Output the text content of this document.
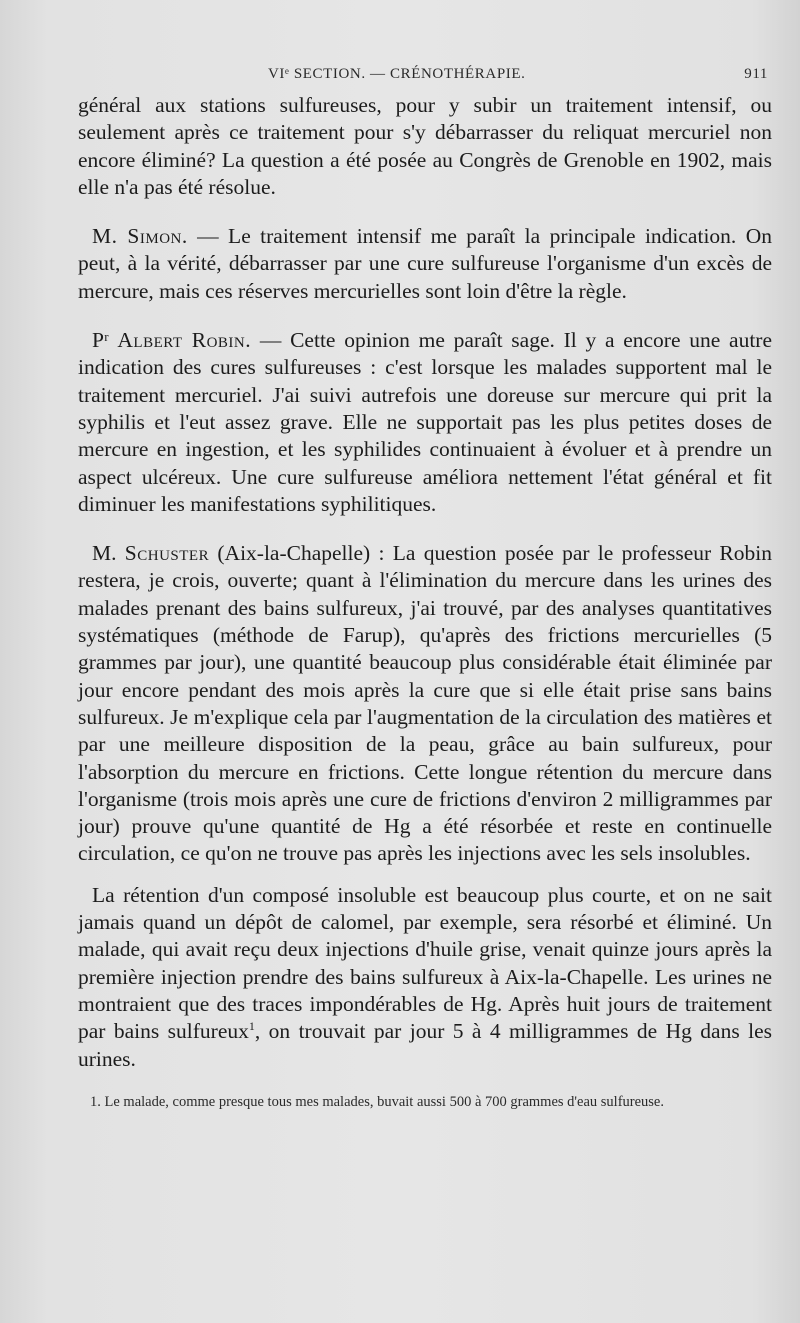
VIᵉ SECTION. — CRÉNOTHÉRAPIE.	911

général aux stations sulfureuses, pour y subir un traitement intensif, ou seulement après ce traitement pour s'y débarrasser du reliquat mercuriel non encore éliminé? La question a été posée au Congrès de Grenoble en 1902, mais elle n'a pas été résolue.

M. Simon. — Le traitement intensif me paraît la principale indication. On peut, à la vérité, débarrasser par une cure sulfureuse l'organisme d'un excès de mercure, mais ces réserves mercurielles sont loin d'être la règle.

Pʳ Albert Robin. — Cette opinion me paraît sage. Il y a encore une autre indication des cures sulfureuses : c'est lorsque les malades supportent mal le traitement mercuriel. J'ai suivi autrefois une doreuse sur mercure qui prit la syphilis et l'eut assez grave. Elle ne supportait pas les plus petites doses de mercure en ingestion, et les syphilides continuaient à évoluer et à prendre un aspect ulcéreux. Une cure sulfureuse améliora nettement l'état général et fit diminuer les manifestations syphilitiques.

M. Schuster (Aix-la-Chapelle) : La question posée par le professeur Robin restera, je crois, ouverte; quant à l'élimination du mercure dans les urines des malades prenant des bains sulfureux, j'ai trouvé, par des analyses quantitatives systématiques (méthode de Farup), qu'après des frictions mercurielles (5 grammes par jour), une quantité beaucoup plus considérable était éliminée par jour encore pendant des mois après la cure que si elle était prise sans bains sulfureux. Je m'explique cela par l'augmentation de la circulation des matières et par une meilleure disposition de la peau, grâce au bain sulfureux, pour l'absorption du mercure en frictions. Cette longue rétention du mercure dans l'organisme (trois mois après une cure de frictions d'environ 2 milligrammes par jour) prouve qu'une quantité de Hg a été résorbée et reste en continuelle circulation, ce qu'on ne trouve pas après les injections avec les sels insolubles.

La rétention d'un composé insoluble est beaucoup plus courte, et on ne sait jamais quand un dépôt de calomel, par exemple, sera résorbé et éliminé. Un malade, qui avait reçu deux injections d'huile grise, venait quinze jours après la première injection prendre des bains sulfureux à Aix-la-Chapelle. Les urines ne montraient que des traces impondérables de Hg. Après huit jours de traitement par bains sulfureux$^1$, on trouvait par jour 5 à 4 milligrammes de Hg dans les urines.

1. Le malade, comme presque tous mes malades, buvait aussi 500 à 700 grammes d'eau sulfureuse.
